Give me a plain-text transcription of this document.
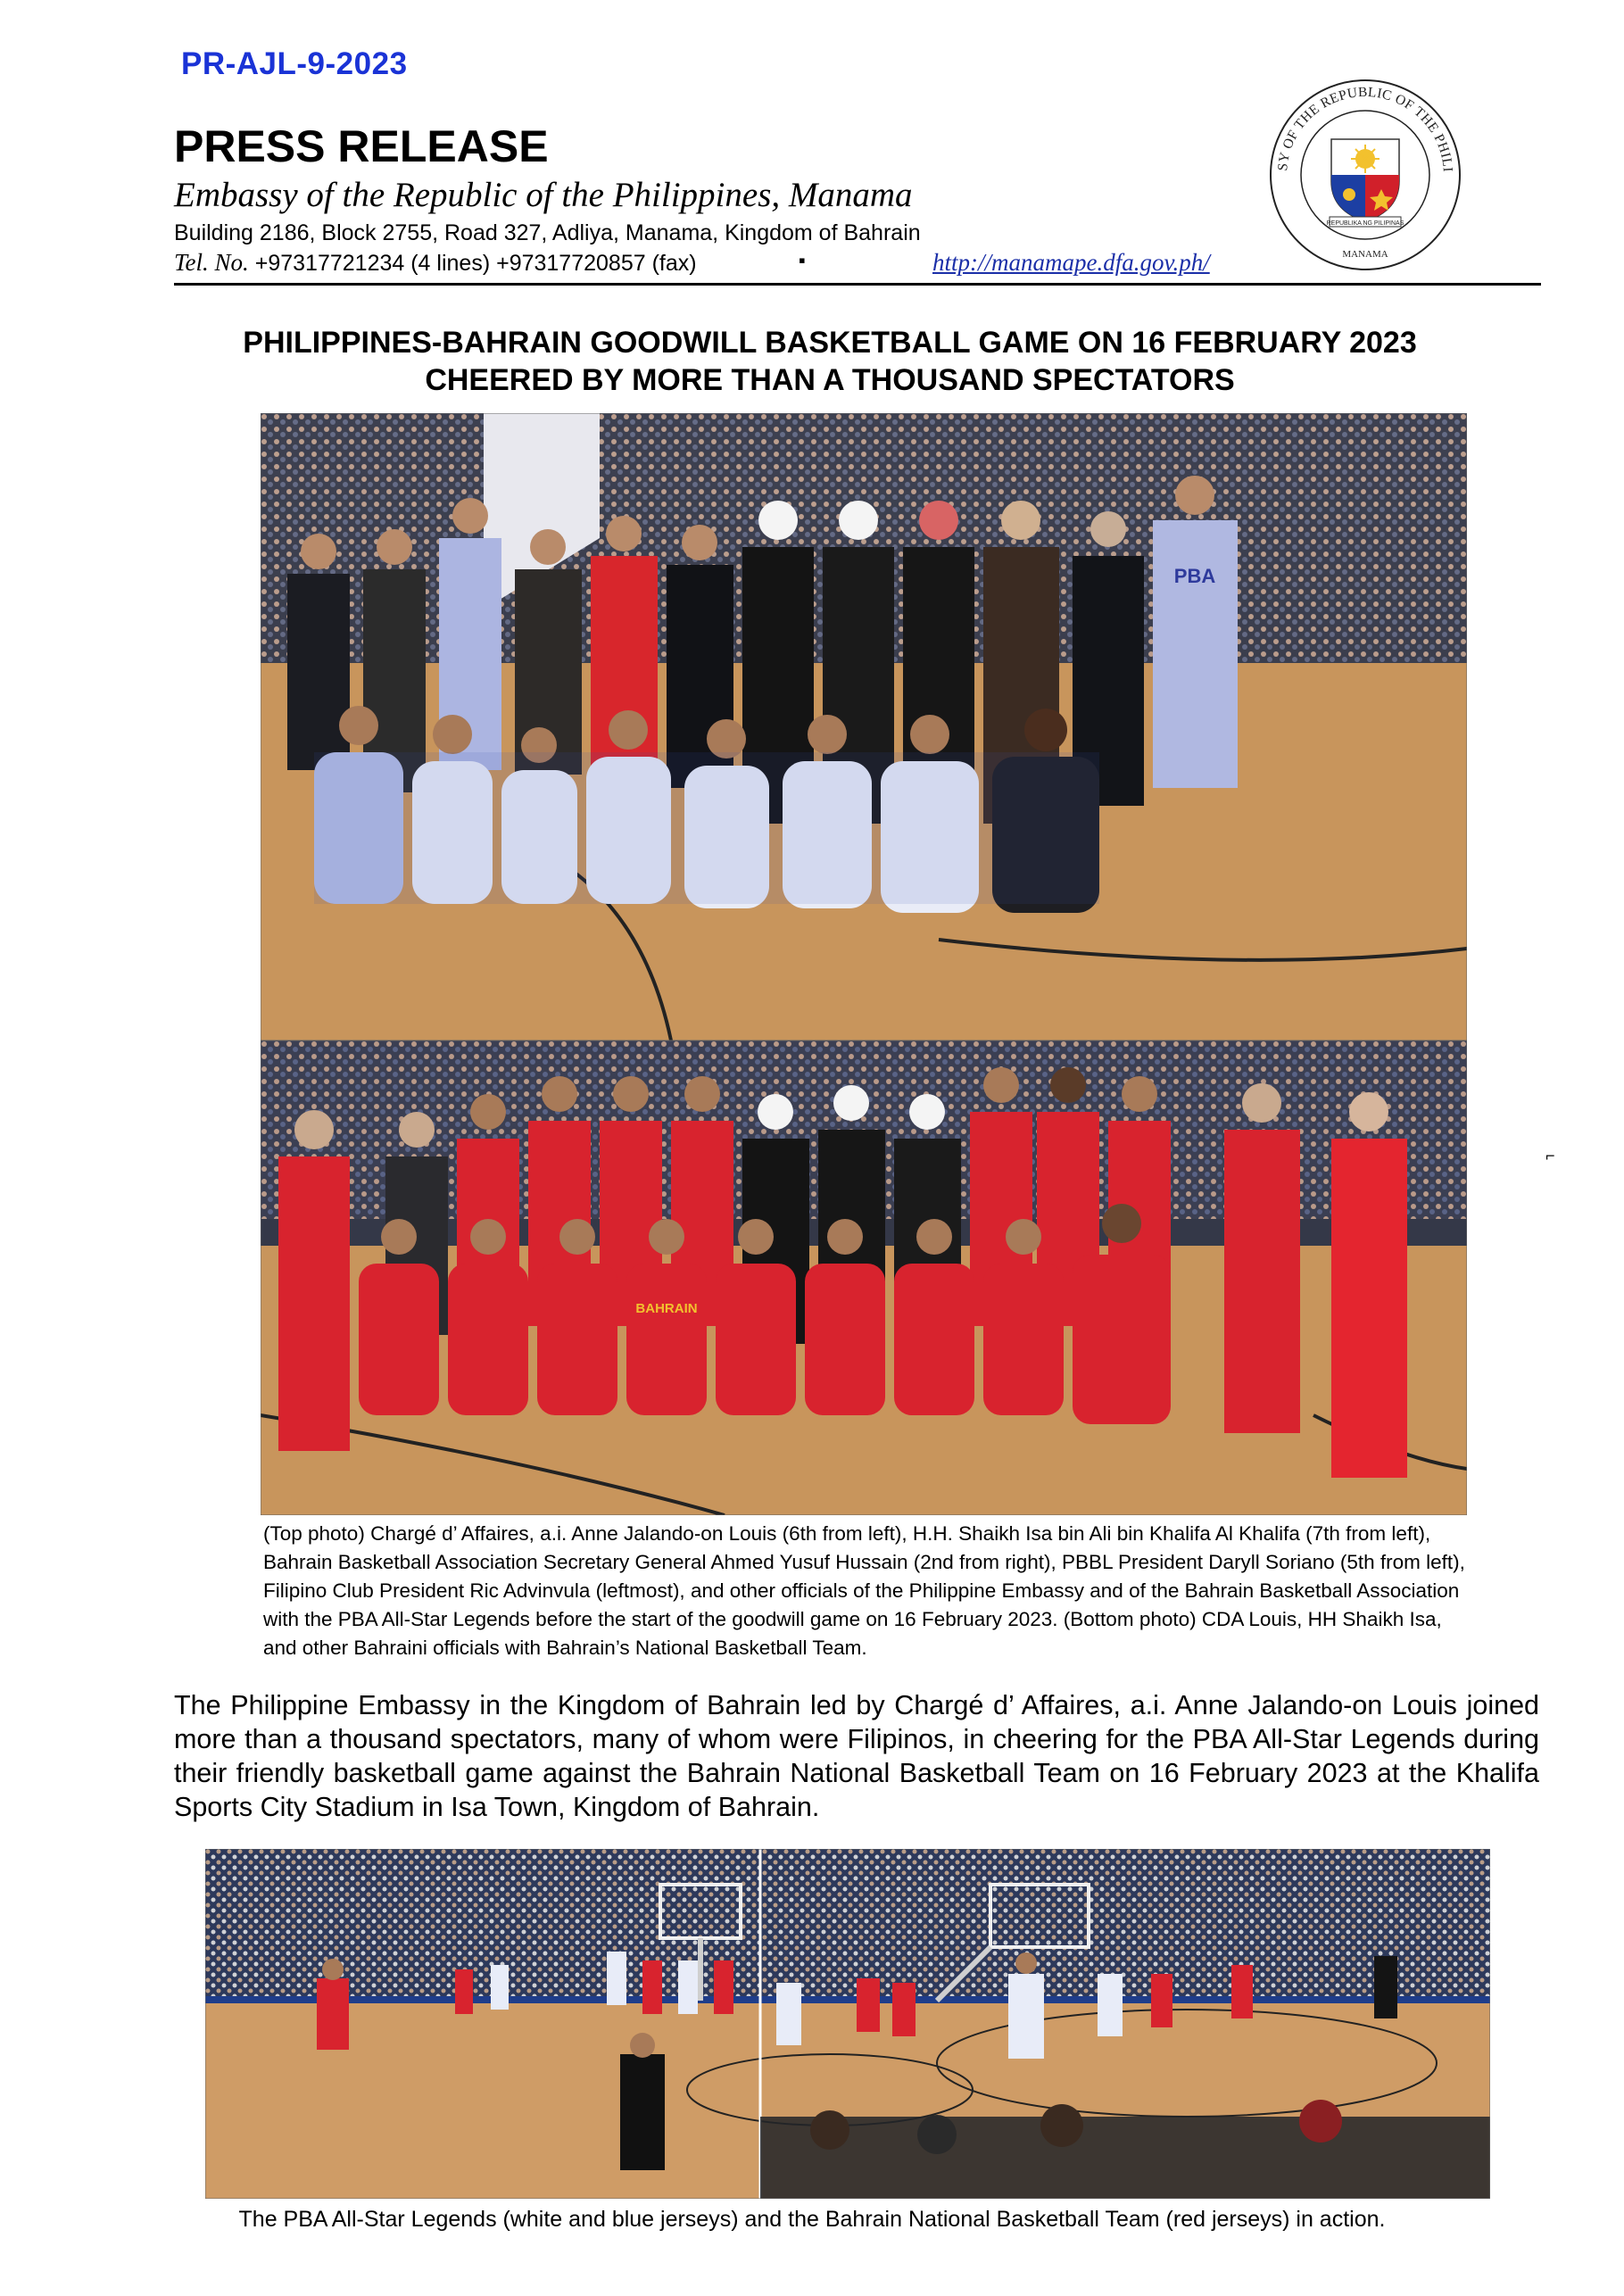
PR-AJL-9-2023
PRESS RELEASE
Embassy of the Republic of the Philippines, Manama
Building 2186, Block 2755, Road 327, Adliya, Manama, Kingdom of Bahrain
Tel. No. +97317721234 (4 lines) +97317720857 (fax)	▪	http://manamape.dfa.gov.ph/
SY OF THE REPUBLIC OF THE PHILI
MANAMA
REPUBLIKA NG PILIPINAS
PHILIPPINES-BAHRAIN GOODWILL BASKETBALL GAME ON 16 FEBRUARY 2023
CHEERED BY MORE THAN A THOUSAND SPECTATORS
PBA
BAHRAIN
(Top photo) Chargé d’ Affaires, a.i. Anne Jalando-on Louis (6th from left), H.H. Shaikh Isa bin Ali bin Khalifa Al Khalifa (7th from left), Bahrain Basketball Association Secretary General Ahmed Yusuf Hussain (2nd from right), PBBL President Daryll Soriano (5th from left), Filipino Club President Ric Advinvula (leftmost), and other officials of the Philippine Embassy and of the Bahrain Basketball Association with the PBA All-Star Legends before the start of the goodwill game on 16 February 2023. (Bottom photo) CDA Louis, HH Shaikh Isa, and other Bahraini officials with Bahrain’s National Basketball Team.
The Philippine Embassy in the Kingdom of Bahrain led by Chargé d’ Affaires, a.i. Anne Jalando-on Louis joined more than a thousand spectators, many of whom were Filipinos, in cheering for the PBA All-Star Legends during their friendly basketball game against the Bahrain National Basketball Team on 16 February 2023 at the Khalifa Sports City Stadium in Isa Town, Kingdom of Bahrain.
The PBA All-Star Legends (white and blue jerseys) and the Bahrain National Basketball Team (red jerseys) in action.
⌐
